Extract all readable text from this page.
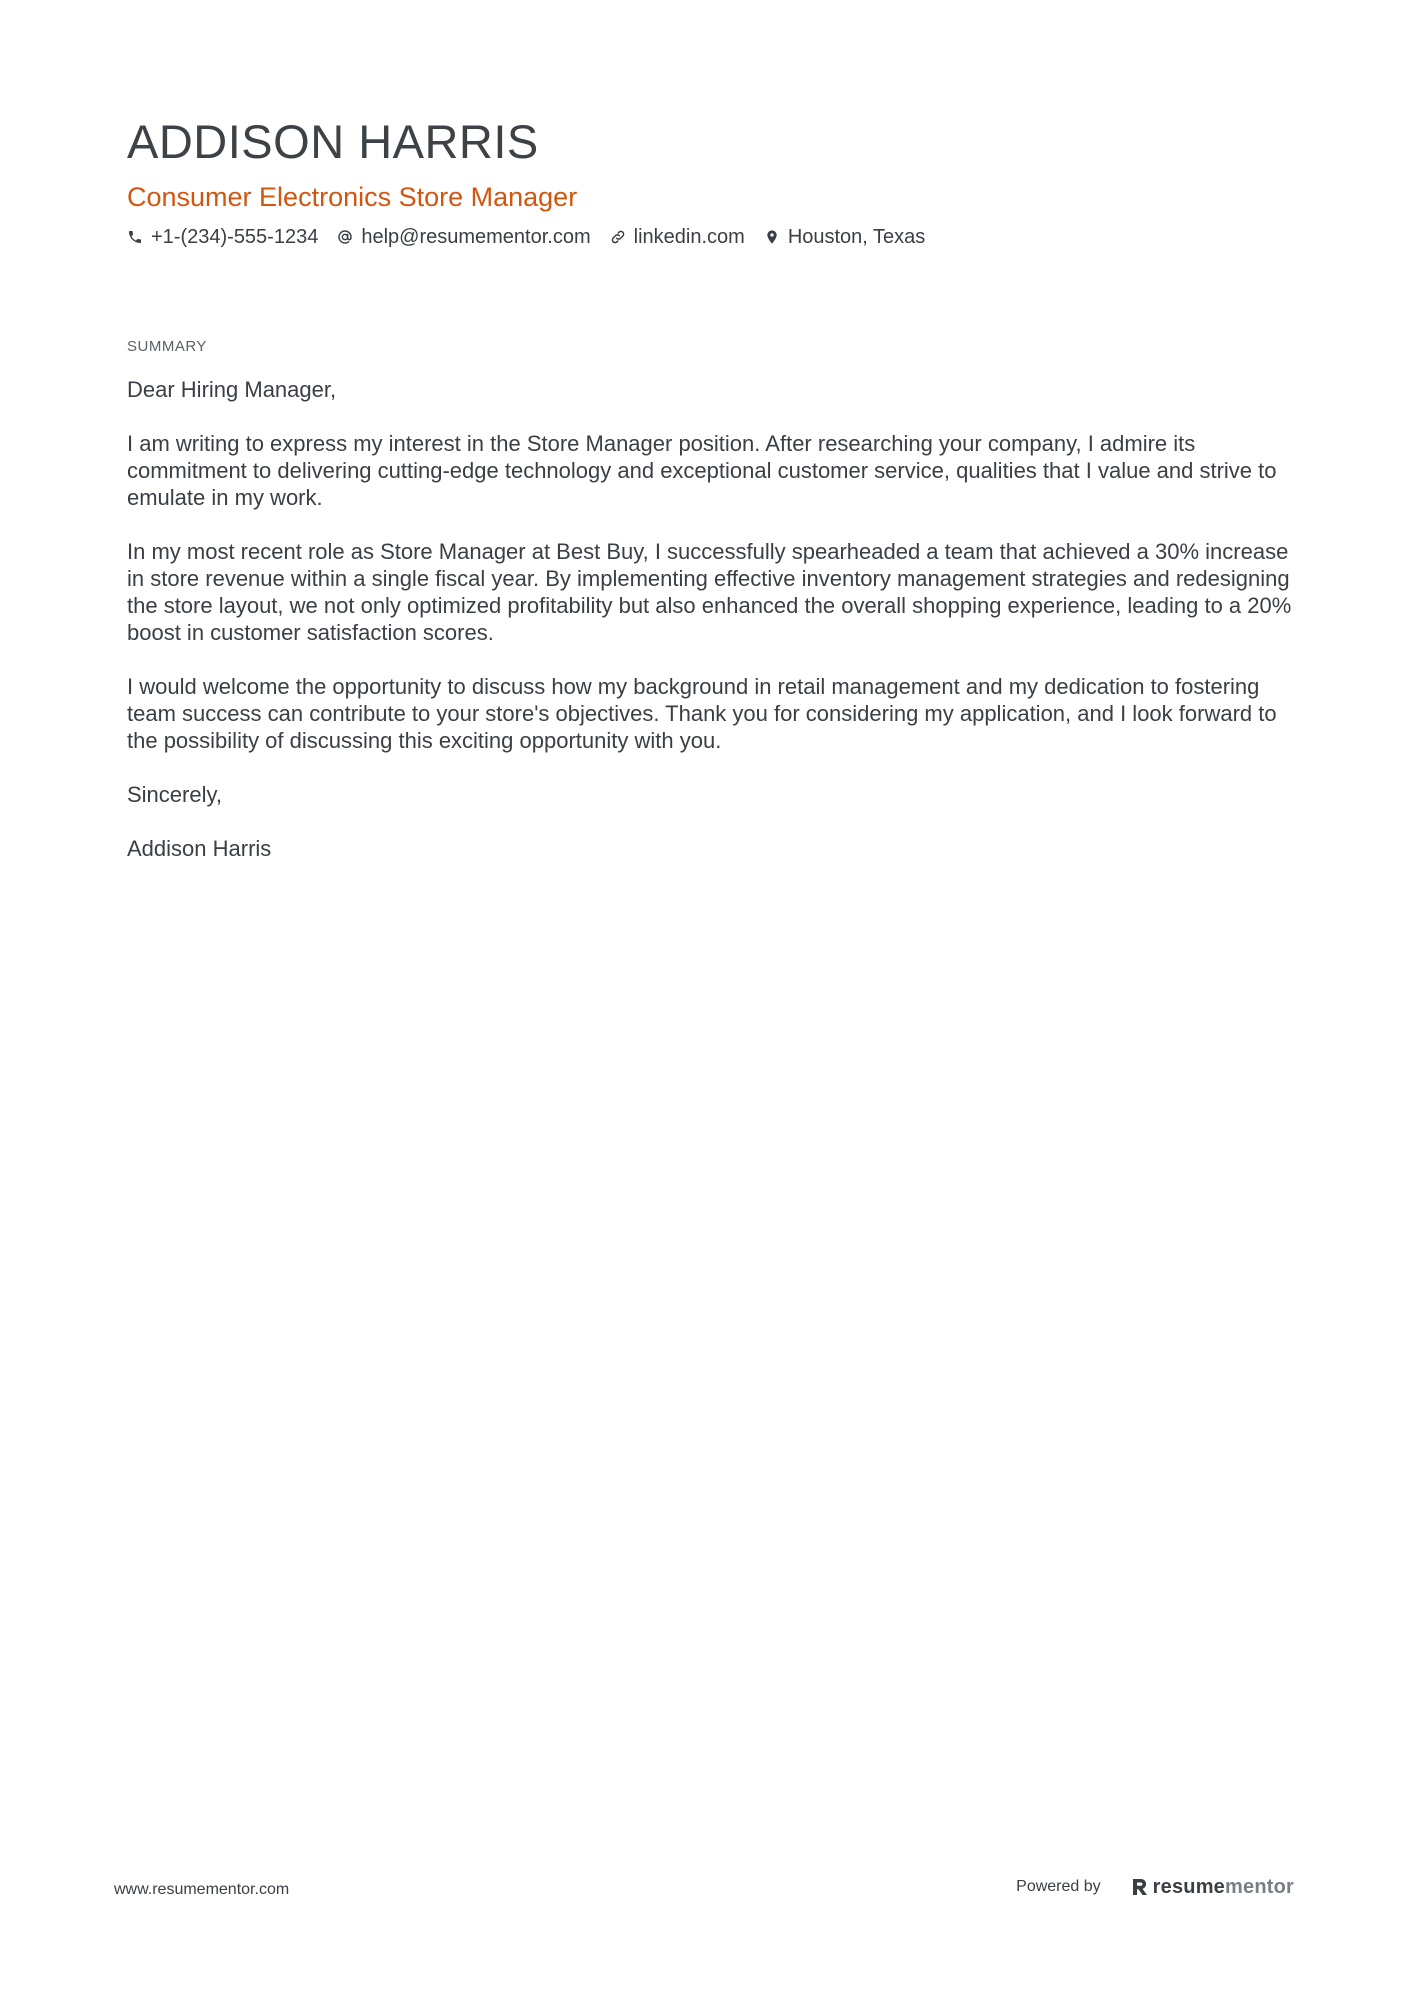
ADDISON HARRIS
Consumer Electronics Store Manager
+1-(234)-555-1234 help@resumementor.com linkedin.com Houston, Texas
SUMMARY

Dear Hiring Manager,

I am writing to express my interest in the Store Manager position. After researching your company, I admire its commitment to delivering cutting-edge technology and exceptional customer service, qualities that I value and strive to emulate in my work.

In my most recent role as Store Manager at Best Buy, I successfully spearheaded a team that achieved a 30% increase in store revenue within a single fiscal year. By implementing effective inventory management strategies and redesigning the store layout, we not only optimized profitability but also enhanced the overall shopping experience, leading to a 20% boost in customer satisfaction scores.

I would welcome the opportunity to discuss how my background in retail management and my dedication to fostering team success can contribute to your store's objectives. Thank you for considering my application, and I look forward to the possibility of discussing this exciting opportunity with you.

Sincerely,

Addison Harris

www.resumementor.com	Powered by	resume mentor
